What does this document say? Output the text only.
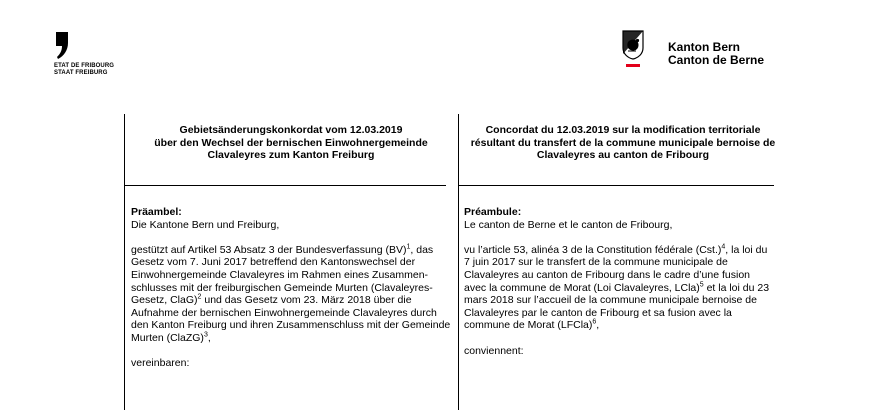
ETAT DE FRIBOURG
STAAT FREIBURG
Kanton Bern
Canton de Berne
Gebietsänderungskonkordat vom 12.03.2019
über den Wechsel der bernischen Einwohnergemeinde
Clavaleyres zum Kanton Freiburg
Concordat du 12.03.2019 sur la modification territoriale
résultant du transfert de la commune municipale bernoise de
Clavaleyres au canton de Fribourg

Präambel:

Die Kantone Bern und Freiburg,

gestützt auf Artikel 53 Absatz 3 der Bundesverfassung (BV)$^1$, das

Gesetz vom 7. Juni 2017 betreffend den Kantonswechsel der

Einwohnergemeinde Clavaleyres im Rahmen eines Zusammen-

schlusses mit der freiburgischen Gemeinde Murten (Clavaleyres-

Gesetz, ClaG)$^2$ und das Gesetz vom 23. März 2018 über die

Aufnahme der bernischen Einwohnergemeinde Clavaleyres durch

den Kanton Freiburg und ihren Zusammenschluss mit der Gemeinde

Murten (ClaZG)$^3$,

vereinbaren:

Préambule:

Le canton de Berne et le canton de Fribourg,

vu l’article 53, alinéa 3 de la Constitution fédérale $(Cst.)^4$, la loi du

7 juin 2017 sur le transfert de la commune municipale de

Clavaleyres au canton de Fribourg dans le cadre d’une fusion

avec la commune de Morat (Loi Clavaleyres, LCla)$^5$ et la loi du 23

mars 2018 sur l’accueil de la commune municipale bernoise de

Clavaleyres par le canton de Fribourg et sa fusion avec la

commune de Morat (LFCla)$^6$,

conviennent:
